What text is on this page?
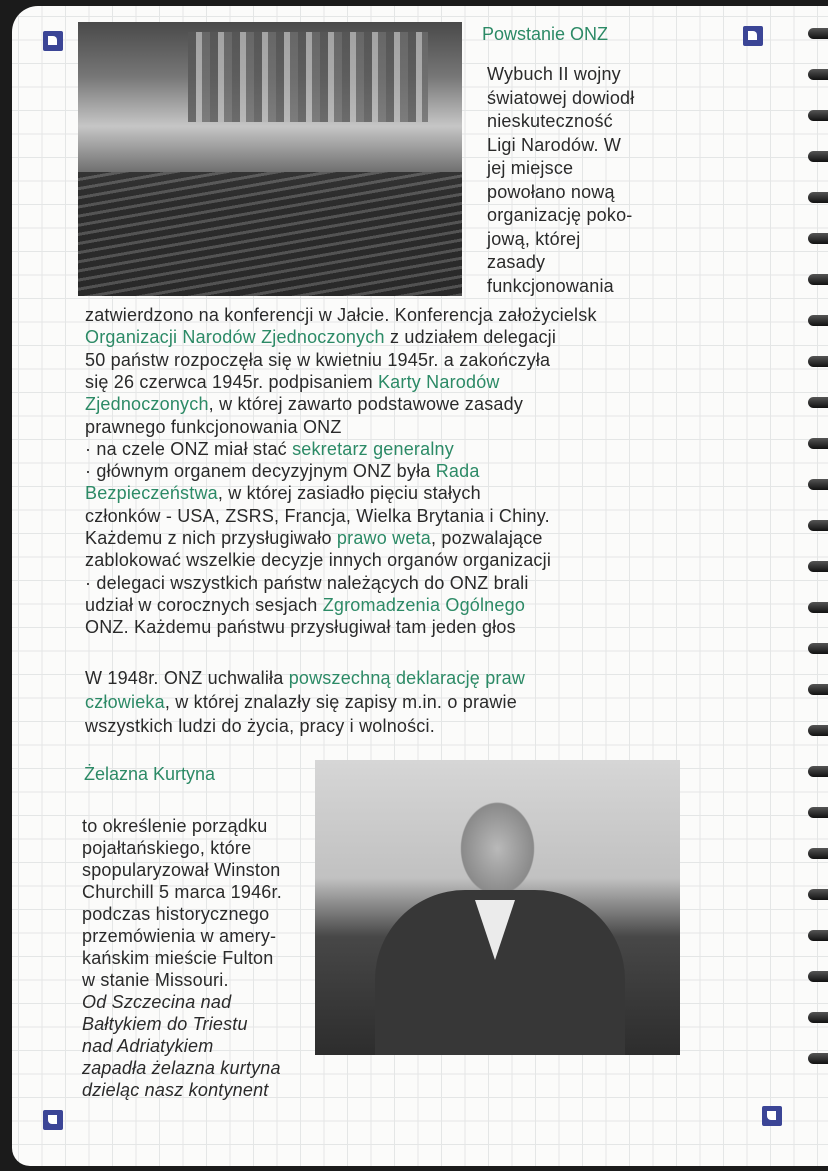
Powstanie ONZ
Żelazna Kurtyna
Wybuch II wojny
światowej dowiodł
nieskuteczność
Ligi Narodów. W
jej miejsce
powołano nową
organizację poko-
jową, której
zasady
funkcjonowania
zatwierdzono na konferencji w Jałcie. Konferencja założycielsk
Organizacji Narodów Zjednoczonych z udziałem delegacji
50 państw rozpoczęła się w kwietniu 1945r. a zakończyła
się 26 czerwca 1945r. podpisaniem Karty Narodów
Zjednoczonych, w której zawarto podstawowe zasady
prawnego funkcjonowania ONZ
· na czele ONZ miał stać sekretarz generalny
· głównym organem decyzyjnym ONZ była Rada
Bezpieczeństwa, w której zasiadło pięciu stałych
członków - USA, ZSRS, Francja, Wielka Brytania i Chiny.
Każdemu z nich przysługiwało prawo weta, pozwalające
zablokować wszelkie decyzje innych organów organizacji
· delegaci wszystkich państw należących do ONZ brali
udział w corocznych sesjach Zgromadzenia Ogólnego
ONZ. Każdemu państwu przysługiwał tam jeden głos
W 1948r. ONZ uchwaliła powszechną deklarację praw
człowieka, w której znalazły się zapisy m.in. o prawie
wszystkich ludzi do życia, pracy i wolności.
to określenie porządku
pojałtańskiego, które
spopularyzował Winston
Churchill 5 marca 1946r.
podczas historycznego
przemówienia w amery-
kańskim mieście Fulton
w stanie Missouri.
Od Szczecina nad
Bałtykiem do Triestu
nad Adriatykiem
zapadła żelazna kurtyna
dzieląc nasz kontynent
